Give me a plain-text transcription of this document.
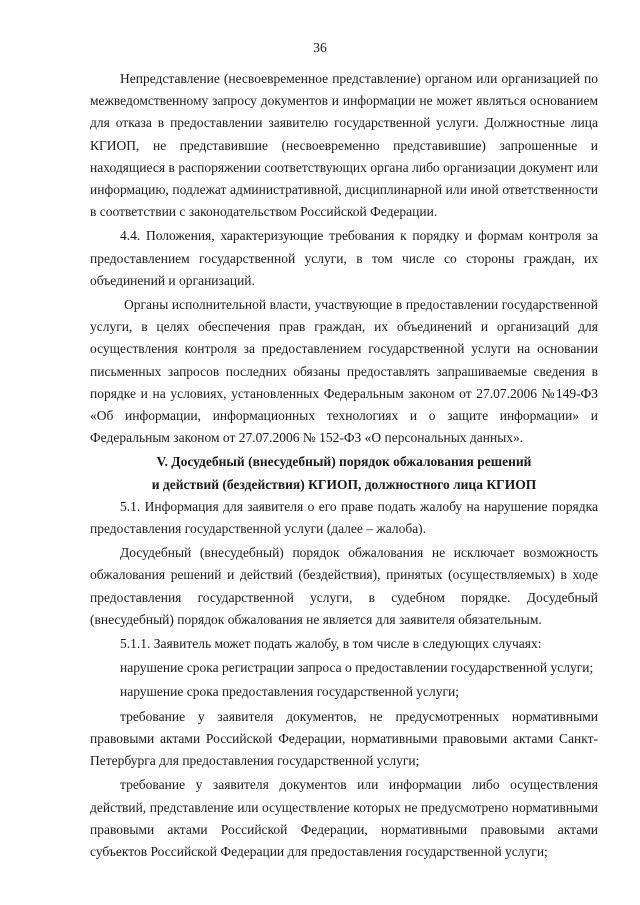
36

Непредставление (несвоевременное представление) органом или организацией по межведомственному запросу документов и информации не может являться основанием для отказа в предоставлении заявителю государственной услуги. Должностные лица КГИОП, не представившие (несвоевременно представившие) запрошенные и находящиеся в распоряжении соответствующих органа либо организации документ или информацию, подлежат административной, дисциплинарной или иной ответственности в соответствии с законодательством Российской Федерации.

4.4. Положения, характеризующие требования к порядку и формам контроля за предоставлением государственной услуги, в том числе со стороны граждан, их объединений и организаций.

Органы исполнительной власти, участвующие в предоставлении государственной услуги, в целях обеспечения прав граждан, их объединений и организаций для осуществления контроля за предоставлением государственной услуги на основании письменных запросов последних обязаны предоставлять запрашиваемые сведения в порядке и на условиях, установленных Федеральным законом от 27.07.2006 №149-ФЗ «Об информации, информационных технологиях и о защите информации» и Федеральным законом от 27.07.2006 № 152-ФЗ «О персональных данных».

V. Досудебный (внесудебный) порядок обжалования решений
и действий (бездействия) КГИОП, должностного лица КГИОП

5.1. Информация для заявителя о его праве подать жалобу на нарушение порядка предоставления государственной услуги (далее – жалоба).

Досудебный (внесудебный) порядок обжалования не исключает возможность обжалования решений и действий (бездействия), принятых (осуществляемых) в ходе предоставления государственной услуги, в судебном порядке. Досудебный (внесудебный) порядок обжалования не является для заявителя обязательным.

5.1.1. Заявитель может подать жалобу, в том числе в следующих случаях:

нарушение срока регистрации запроса о предоставлении государственной услуги;

нарушение срока предоставления государственной услуги;

требование у заявителя документов, не предусмотренных нормативными правовыми актами Российской Федерации, нормативными правовыми актами Санкт-Петербурга для предоставления государственной услуги;

требование у заявителя документов или информации либо осуществления действий, представление или осуществление которых не предусмотрено нормативными правовыми актами Российской Федерации, нормативными правовыми актами субъектов Российской Федерации для предоставления государственной услуги;
